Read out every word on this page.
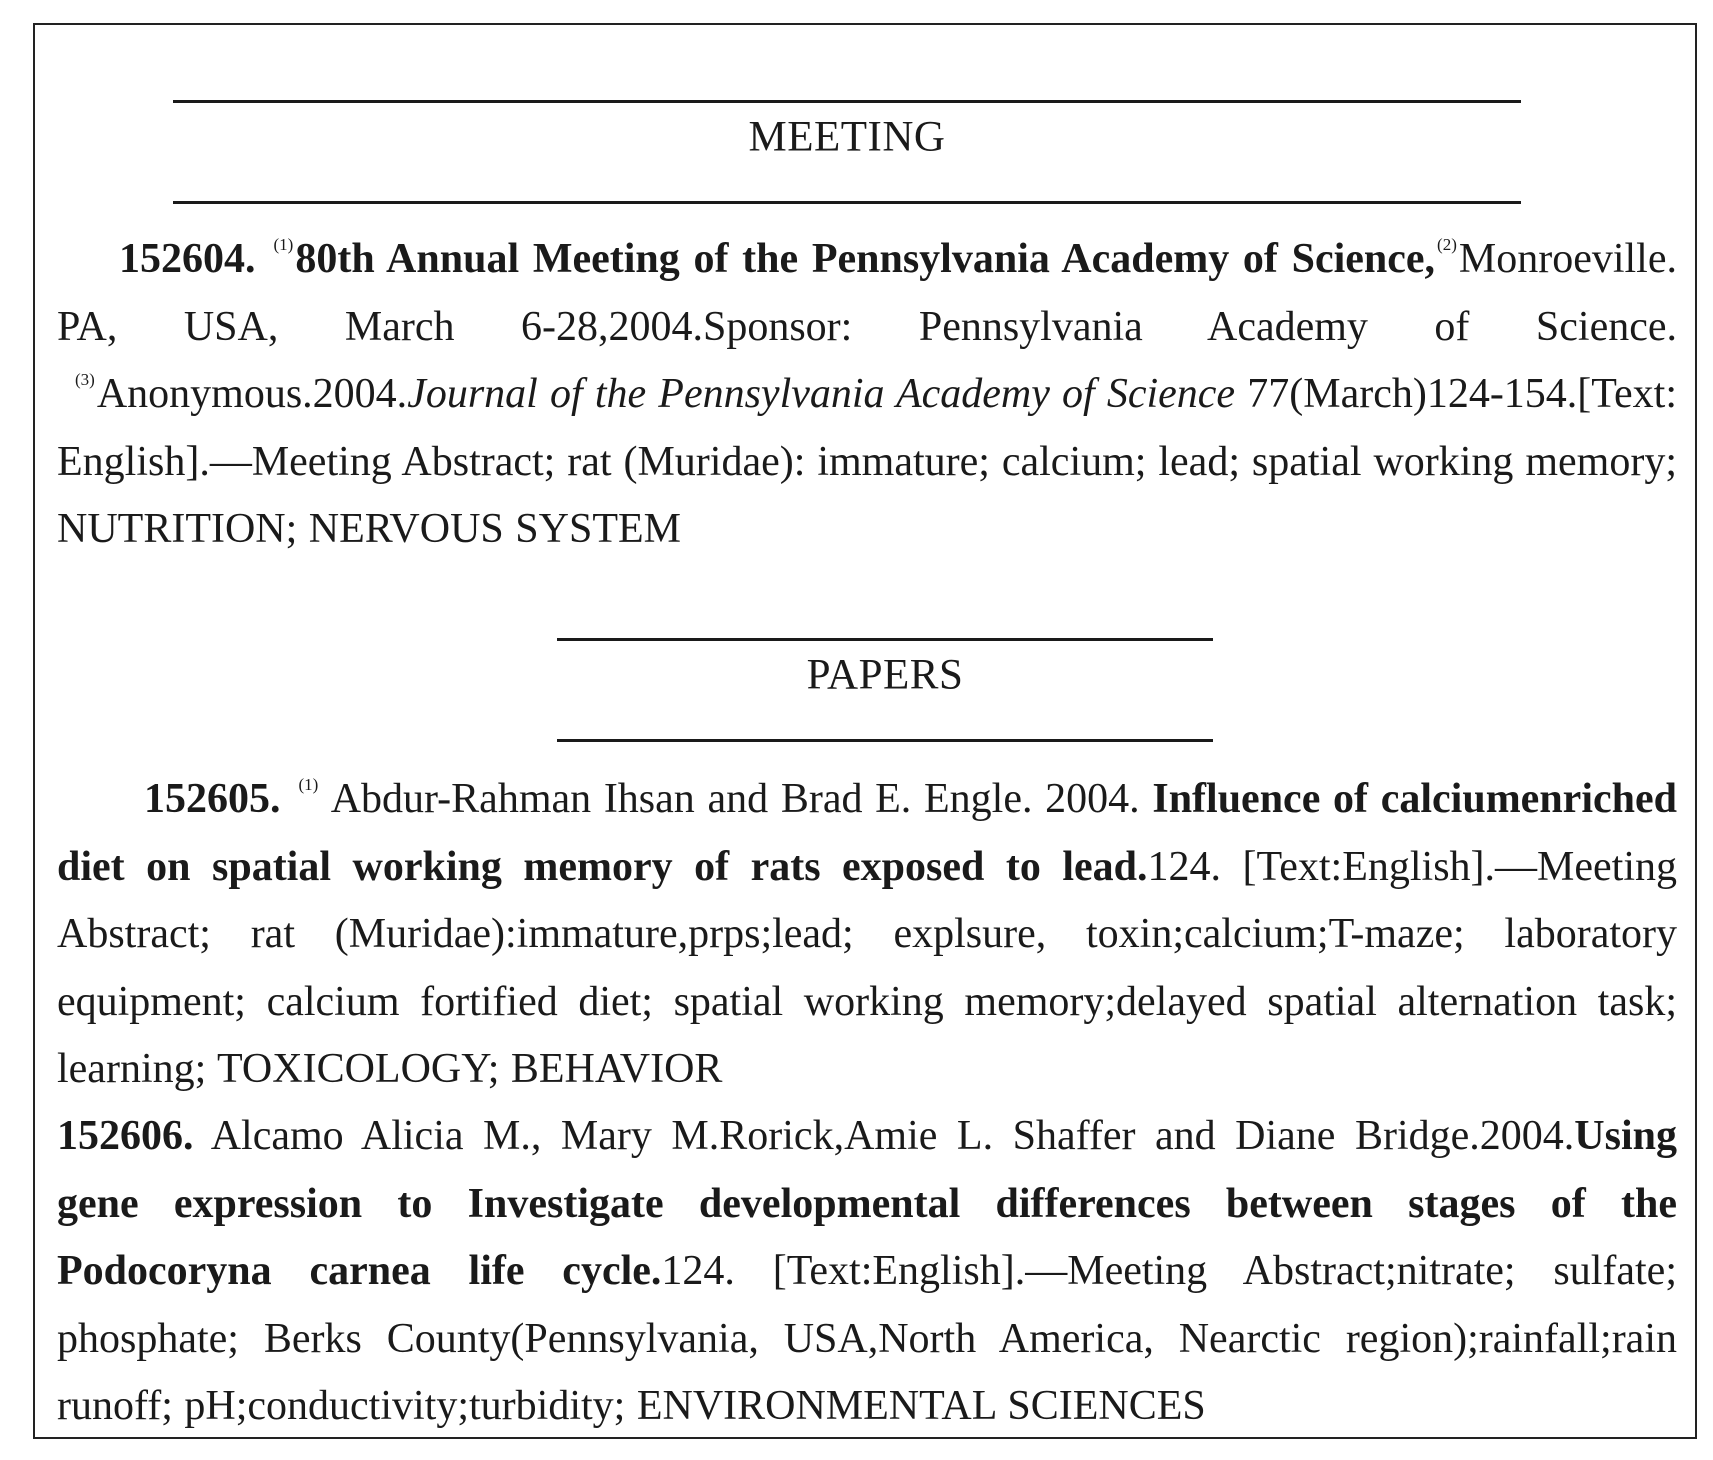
MEETING

152604. $^{(1)}$80th Annual Meeting of the Pennsylvania Academy of Science, $^{(2)}$Monroeville. PA, USA, March 6-28,2004.Sponsor: Pennsylvania Academy of Science. $^{(3)}$Anonymous.2004.Journal of the Pennsylvania Academy of Science 77(March)124-154.[Text: English].—Meeting Abstract; rat (Muridae): immature; calcium; lead; spatial working memory; NUTRITION; NERVOUS SYSTEM

PAPERS

152605. $^{(1)}$ Abdur-Rahman Ihsan and Brad E. Engle. 2004. Influence of calciumenriched diet on spatial working memory of rats exposed to lead.124. [Text:English].—Meeting Abstract; rat (Muridae):immature,prps;lead; explsure, toxin;calcium;T-maze; laboratory equipment; calcium fortified diet; spatial working memory;delayed spatial alternation task; learning; TOXICOLOGY; BEHAVIOR

152606. Alcamo Alicia M., Mary M.Rorick,Amie L. Shaffer and Diane Bridge.2004.Using gene expression to Investigate developmental differences between stages of the Podocoryna carnea life cycle.124. [Text:English].—Meeting Abstract;nitrate; sulfate; phosphate; Berks County(Pennsylvania, USA,North America, Nearctic region);rainfall;rain runoff; pH;conductivity;turbidity; ENVIRONMENTAL SCIENCES
